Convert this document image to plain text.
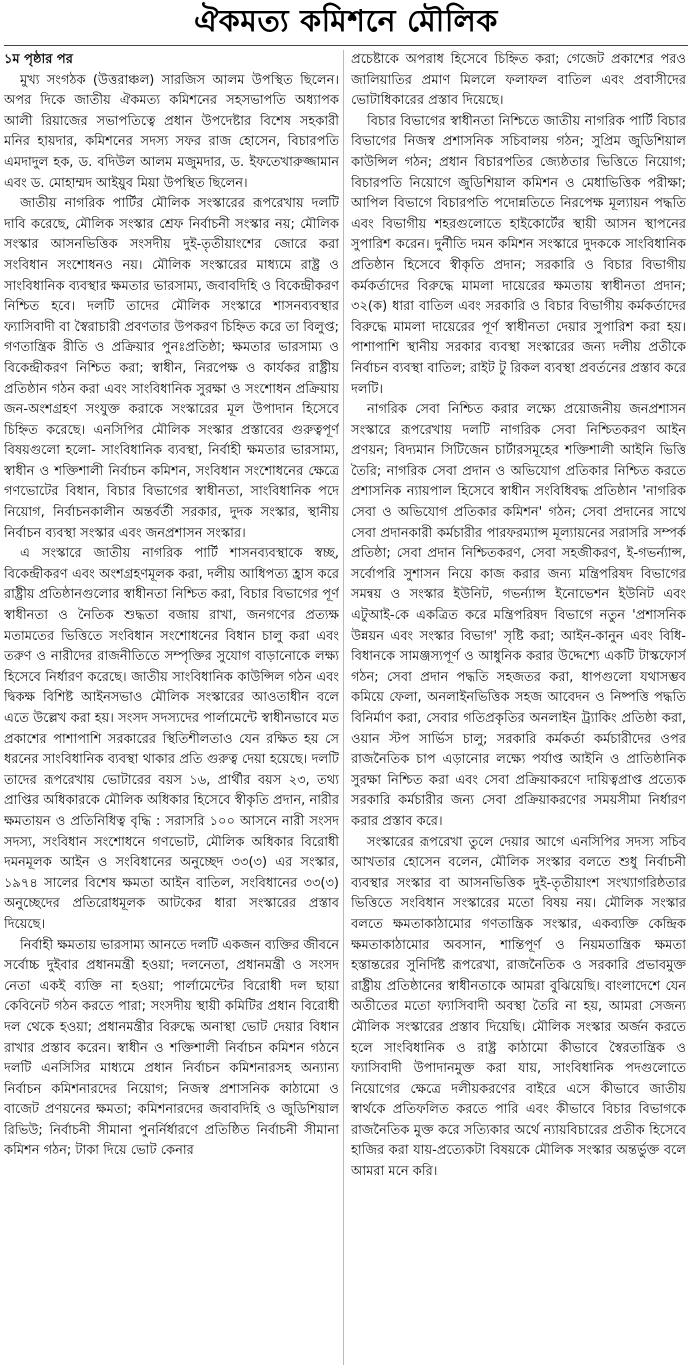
ঐকমত্য কমিশনে মৌলিক

১ম পৃষ্ঠার পর

মুখ্য সংগঠক (উত্তরাঞ্চল) সারজিস আলম উপস্থিত ছিলেন। অপর দিকে জাতীয় ঐকমত্য কমিশনের সহসভাপতি অধ্যাপক আলী রিয়াজের সভাপতিত্বে প্রধান উপদেষ্টার বিশেষ সহকারী মনির হায়দার, কমিশনের সদস্য সফর রাজ হোসেন, বিচারপতি এমদাদুল হক, ড. বদিউল আলম মজুমদার, ড. ইফতেখারুজ্জামান এবং ড. মোহাম্মদ আইয়ুব মিয়া উপস্থিত ছিলেন।

জাতীয় নাগরিক পার্টির মৌলিক সংস্কারের রূপরেখায় দলটি দাবি করেছে, মৌলিক সংস্কার শ্রেফ নির্বাচনী সংস্কার নয়; মৌলিক সংস্কার আসনভিত্তিক সংসদীয় দুই-তৃতীয়াংশের জোরে করা সংবিধান সংশোধনও নয়। মৌলিক সংস্কারের মাধ্যমে রাষ্ট্র ও সাংবিধানিক ব্যবস্থার ক্ষমতার ভারসাম্য, জবাবদিহি ও বিকেন্দ্রীকরণ নিশ্চিত হবে। দলটি তাদের মৌলিক সংস্কারে শাসনব্যবস্থার ফ্যাসিবাদী বা স্বৈরাচারী প্রবণতার উপকরণ চিহ্নিত করে তা বিলুপ্ত; গণতান্ত্রিক রীতি ও প্রক্রিয়ার পুনঃপ্রতিষ্ঠা; ক্ষমতার ভারসাম্য ও বিকেন্দ্রীকরণ নিশ্চিত করা; স্বাধীন, নিরপেক্ষ ও কার্যকর রাষ্ট্রীয় প্রতিষ্ঠান গঠন করা এবং সাংবিধানিক সুরক্ষা ও সংশোধন প্রক্রিয়ায় জন-অংশগ্রহণ সংযুক্ত করাকে সংস্কারের মূল উপাদান হিসেবে চিহ্নিত করেছে। এনসিপির মৌলিক সংস্কার প্রস্তাবের গুরুত্বপূর্ণ বিষয়গুলো হলো- সাংবিধানিক ব্যবস্থা, নির্বাহী ক্ষমতার ভারসাম্য, স্বাধীন ও শক্তিশালী নির্বাচন কমিশন, সংবিধান সংশোধনের ক্ষেত্রে গণভোটের বিধান, বিচার বিভাগের স্বাধীনতা, সাংবিধানিক পদে নিয়োগ, নির্বাচনকালীন অন্তর্বর্তী সরকার, দুদক সংস্কার, স্থানীয় নির্বাচন ব্যবস্থা সংস্কার এবং জনপ্রশাসন সংস্কার।

এ সংস্কারে জাতীয় নাগরিক পার্টি শাসনব্যবস্থাকে স্বচ্ছ, বিকেন্দ্রীকরণ এবং অংশগ্রহণমূলক করা, দলীয় আধিপত্য হ্রাস করে রাষ্ট্রীয় প্রতিষ্ঠানগুলোর স্বাধীনতা নিশ্চিত করা, বিচার বিভাগের পূর্ণ স্বাধীনতা ও নৈতিক শুদ্ধতা বজায় রাখা, জনগণের প্রত্যক্ষ মতামতের ভিত্তিতে সংবিধান সংশোধনের বিধান চালু করা এবং তরুণ ও নারীদের রাজনীতিতে সম্পৃক্তির সুযোগ বাড়ানোকে লক্ষ্য হিসেবে নির্ধারণ করেছে। জাতীয় সাংবিধানিক কাউন্সিল গঠন এবং দ্বিকক্ষ বিশিষ্ট আইনসভাও মৌলিক সংস্কারের আওতাধীন বলে এতে উল্লেখ করা হয়। সংসদ সদস্যদের পার্লামেন্টে স্বাধীনভাবে মত প্রকাশের পাশাপাশি সরকারের স্থিতিশীলতাও যেন রক্ষিত হয় সে ধরনের সাংবিধানিক ব্যবস্থা থাকার প্রতি গুরুত্ব দেয়া হয়েছে। দলটি তাদের রূপরেখায় ভোটারের বয়স ১৬, প্রার্থীর বয়স ২৩, তথ্য প্রাপ্তির অধিকারকে মৌলিক অধিকার হিসেবে স্বীকৃতি প্রদান, নারীর ক্ষমতায়ন ও প্রতিনিধিত্ব বৃদ্ধি : সরাসরি ১০০ আসনে নারী সংসদ সদস্য, সংবিধান সংশোধনে গণভোট, মৌলিক অধিকার বিরোধী দমনমূলক আইন ও সংবিধানের অনুচ্ছেদ ৩৩(৩) এর সংস্কার, ১৯৭৪ সালের বিশেষ ক্ষমতা আইন বাতিল, সংবিধানের ৩৩(৩) অনুচ্ছেদের প্রতিরোধমূলক আটকের ধারা সংস্কারের প্রস্তাব দিয়েছে।

নির্বাহী ক্ষমতায় ভারসাম্য আনতে দলটি একজন ব্যক্তির জীবনে সর্বোচ্চ দুইবার প্রধানমন্ত্রী হওয়া; দলনেতা, প্রধানমন্ত্রী ও সংসদ নেতা একই ব্যক্তি না হওয়া; পার্লামেন্টের বিরোধী দল ছায়া কেবিনেট গঠন করতে পারা; সংসদীয় স্থায়ী কমিটির প্রধান বিরোধী দল থেকে হওয়া; প্রধানমন্ত্রীর বিরুদ্ধে অনাস্থা ভোট দেয়ার বিধান রাখার প্রস্তাব করেন। স্বাধীন ও শক্তিশালী নির্বাচন কমিশন গঠনে দলটি এনসিসির মাধ্যমে প্রধান নির্বাচন কমিশনারসহ অন্যান্য নির্বাচন কমিশনারদের নিয়োগ; নিজস্ব প্রশাসনিক কাঠামো ও বাজেট প্রণয়নের ক্ষমতা; কমিশনারদের জবাবদিহি ও জুডিশিয়াল রিভিউ; নির্বাচনী সীমানা পুনর্নির্ধারণে প্রতিষ্ঠিত নির্বাচনী সীমানা কমিশন গঠন; টাকা দিয়ে ভোট কেনার

প্রচেষ্টাকে অপরাধ হিসেবে চিহ্নিত করা; গেজেট প্রকাশের পরও জালিয়াতির প্রমাণ মিললে ফলাফল বাতিল এবং প্রবাসীদের ভোটাধিকারের প্রস্তাব দিয়েছে।

বিচার বিভাগের স্বাধীনতা নিশ্চিতে জাতীয় নাগরিক পার্টি বিচার বিভাগের নিজস্ব প্রশাসনিক সচিবালয় গঠন; সুপ্রিম জুডিশিয়াল কাউন্সিল গঠন; প্রধান বিচারপতির জ্যেষ্ঠতার ভিত্তিতে নিয়োগ; বিচারপতি নিয়োগে জুডিশিয়াল কমিশন ও মেধাভিত্তিক পরীক্ষা; আপিল বিভাগে বিচারপতি পদোন্নতিতে নিরপেক্ষ মূল্যায়ন পদ্ধতি এবং বিভাগীয় শহরগুলোতে হাইকোর্টের স্থায়ী আসন স্থাপনের সুপারিশ করেন। দুর্নীতি দমন কমিশন সংস্কারে দুদককে সাংবিধানিক প্রতিষ্ঠান হিসেবে স্বীকৃতি প্রদান; সরকারি ও বিচার বিভাগীয় কর্মকর্তাদের বিরুদ্ধে মামলা দায়েরের ক্ষমতায় স্বাধীনতা প্রদান; ৩২(ক) ধারা বাতিল এবং সরকারি ও বিচার বিভাগীয় কর্মকর্তাদের বিরুদ্ধে মামলা দায়েরের পূর্ণ স্বাধীনতা দেয়ার সুপারিশ করা হয়। পাশাপাশি স্থানীয় সরকার ব্যবস্থা সংস্কারের জন্য দলীয় প্রতীকে নির্বাচন ব্যবস্থা বাতিল; রাইট টু রিকল ব্যবস্থা প্রবর্তনের প্রস্তাব করে দলটি।

নাগরিক সেবা নিশ্চিত করার লক্ষ্যে প্রয়োজনীয় জনপ্রশাসন সংস্কারে রূপরেখায় দলটি নাগরিক সেবা নিশ্চিতকরণ আইন প্রণয়ন; বিদ্যমান সিটিজেন চার্টারসমূহের শক্তিশালী আইনি ভিত্তি তৈরি; নাগরিক সেবা প্রদান ও অভিযোগ প্রতিকার নিশ্চিত করতে প্রশাসনিক ন্যায়পাল হিসেবে স্বাধীন সংবিধিবদ্ধ প্রতিষ্ঠান 'নাগরিক সেবা ও অভিযোগ প্রতিকার কমিশন' গঠন; সেবা প্রদানের সাথে সেবা প্রদানকারী কর্মচারীর পারফরম্যান্স মূল্যায়নের সরাসরি সম্পর্ক প্রতিষ্ঠা; সেবা প্রদান নিশ্চিতকরণ, সেবা সহজীকরণ, ই-গভর্ন্যান্স, সর্বোপরি সুশাসন নিয়ে কাজ করার জন্য মন্ত্রিপরিষদ বিভাগের সমন্বয় ও সংস্কার ইউনিট, গভর্ন্যান্স ইনোভেশন ইউনিট এবং এটুআই-কে একত্রিত করে মন্ত্রিপরিষদ বিভাগে নতুন 'প্রশাসনিক উন্নয়ন এবং সংস্কার বিভাগ' সৃষ্টি করা; আইন-কানুন এবং বিধি-বিধানকে সামঞ্জস্যপূর্ণ ও আধুনিক করার উদ্দেশ্যে একটি টাস্কফোর্স গঠন; সেবা প্রদান পদ্ধতি সহজতর করা, ধাপগুলো যথাসম্ভব কমিয়ে ফেলা, অনলাইনভিত্তিক সহজ আবেদন ও নিষ্পত্তি পদ্ধতি বিনির্মাণ করা, সেবার গতিপ্রকৃতির অনলাইন ট্র্যাকিং প্রতিষ্ঠা করা, ওয়ান স্টপ সার্ভিস চালু; সরকারি কর্মকর্তা কর্মচারীদের ওপর রাজনৈতিক চাপ এড়ানোর লক্ষ্যে পর্যাপ্ত আইনি ও প্রাতিষ্ঠানিক সুরক্ষা নিশ্চিত করা এবং সেবা প্রক্রিয়াকরণে দায়িত্বপ্রাপ্ত প্রত্যেক সরকারি কর্মচারীর জন্য সেবা প্রক্রিয়াকরণের সময়সীমা নির্ধারণ করার প্রস্তাব করে।

সংস্কারের রূপরেখা তুলে দেয়ার আগে এনসিপির সদস্য সচিব আখতার হোসেন বলেন, মৌলিক সংস্কার বলতে শুধু নির্বাচনী ব্যবস্থার সংস্কার বা আসনভিত্তিক দুই-তৃতীয়াংশ সংখ্যাগরিষ্ঠতার ভিত্তিতে সংবিধান সংস্কারের মতো বিষয় নয়। মৌলিক সংস্কার বলতে ক্ষমতাকাঠামোর গণতান্ত্রিক সংস্কার, একব্যক্তি কেন্দ্রিক ক্ষমতাকাঠামোর অবসান, শান্তিপূর্ণ ও নিয়মতান্ত্রিক ক্ষমতা হস্তান্তরের সুনির্দিষ্ট রূপরেখা, রাজনৈতিক ও সরকারি প্রভাবমুক্ত রাষ্ট্রীয় প্রতিষ্ঠানের স্বাধীনতাকে আমরা বুঝিয়েছি। বাংলাদেশে যেন অতীতের মতো ফ্যাসিবাদী অবস্থা তৈরি না হয়, আমরা সেজন্য মৌলিক সংস্কারের প্রস্তাব দিয়েছি। মৌলিক সংস্কার অর্জন করতে হলে সাংবিধানিক ও রাষ্ট্র কাঠামো কীভাবে স্বৈরতান্ত্রিক ও ফ্যাসিবাদী উপাদানমুক্ত করা যায়, সাংবিধানিক পদগুলোতে নিয়োগের ক্ষেত্রে দলীয়করণের বাইরে এসে কীভাবে জাতীয় স্বার্থকে প্রতিফলিত করতে পারি এবং কীভাবে বিচার বিভাগকে রাজনৈতিক মুক্ত করে সত্যিকার অর্থে ন্যায়বিচারের প্রতীক হিসেবে হাজির করা যায়-প্রত্যেকটা বিষয়কে মৌলিক সংস্কার অন্তর্ভুক্ত বলে আমরা মনে করি।
